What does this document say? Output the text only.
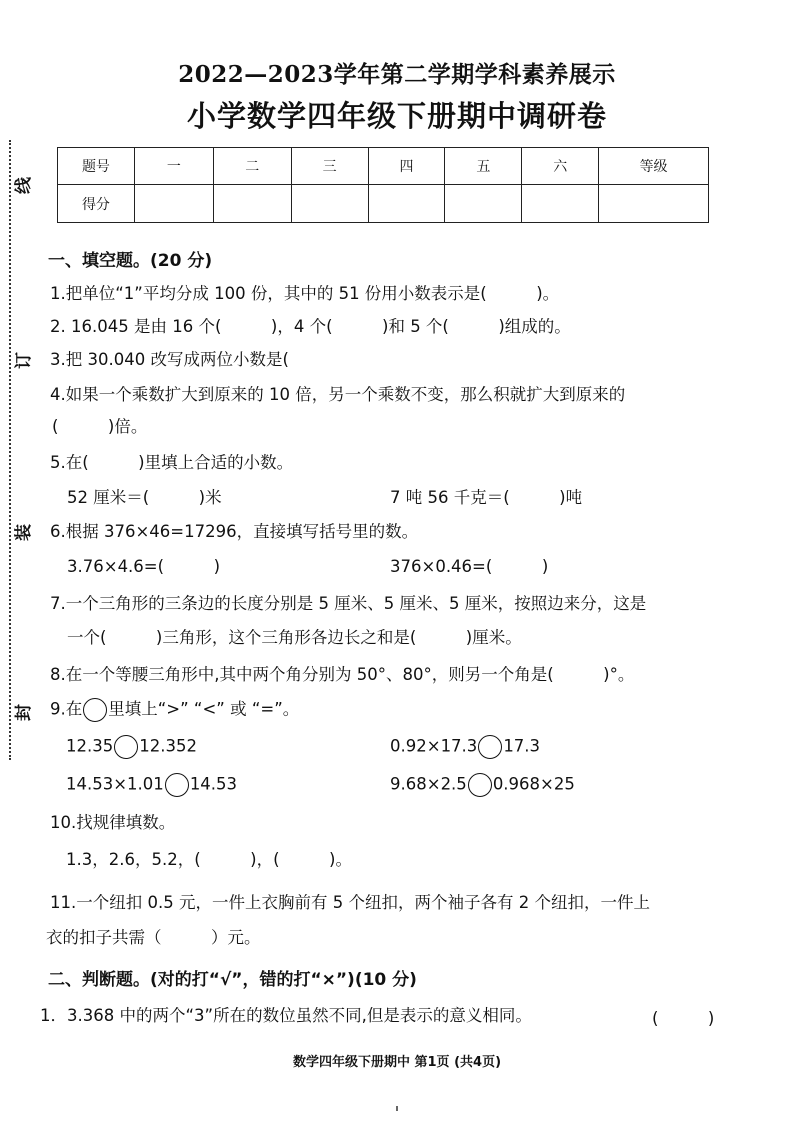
线
订
装
封
2022—2023学年第二学期学科素养展示
小学数学四年级下册期中调研卷
题号	一	二	三	四	五	六	等级
得分							
一、填空题。(20 分)
1.把单位“1”平均分成 100 份，其中的 51 份用小数表示是(　　　)。
2. 16.045 是由 16 个(　　　)，4 个(　　　)和 5 个(　　　)组成的。
3.把 30.040 改写成两位小数是(
4.如果一个乘数扩大到原来的 10 倍，另一个乘数不变，那么积就扩大到原来的
(　　　)倍。
5.在(　　　)里填上合适的小数。
52 厘米＝(　　　)米	7 吨 56 千克＝(　　　)吨
6.根据 376×46=17296，直接填写括号里的数。
3.76×4.6=(　　　)	376×0.46=(　　　)
7.一个三角形的三条边的长度分别是 5 厘米、5 厘米、5 厘米，按照边来分，这是
一个(　　　)三角形，这个三角形各边长之和是(　　　)厘米。
8.在一个等腰三角形中,其中两个角分别为 50°、80°，则另一个角是(　　　)°。
9.在 里填上“>” “<” 或 “=”。
12.35 12.352	0.92×17.3 17.3
14.53×1.01 14.53	9.68×2.5 0.968×25
10.找规律填数。
1.3，2.6，5.2，(　　　)，(　　　)。
11.一个纽扣 0.5 元，一件上衣胸前有 5 个纽扣，两个袖子各有 2 个纽扣，一件上
衣的扣子共需（　　　）元。
二、判断题。(对的打“√”，错的打“×”)(10 分)
1．3.368 中的两个“3”所在的数位虽然不同,但是表示的意义相同。	(　　　)
数学四年级下册期中 第1页 (共4页)
